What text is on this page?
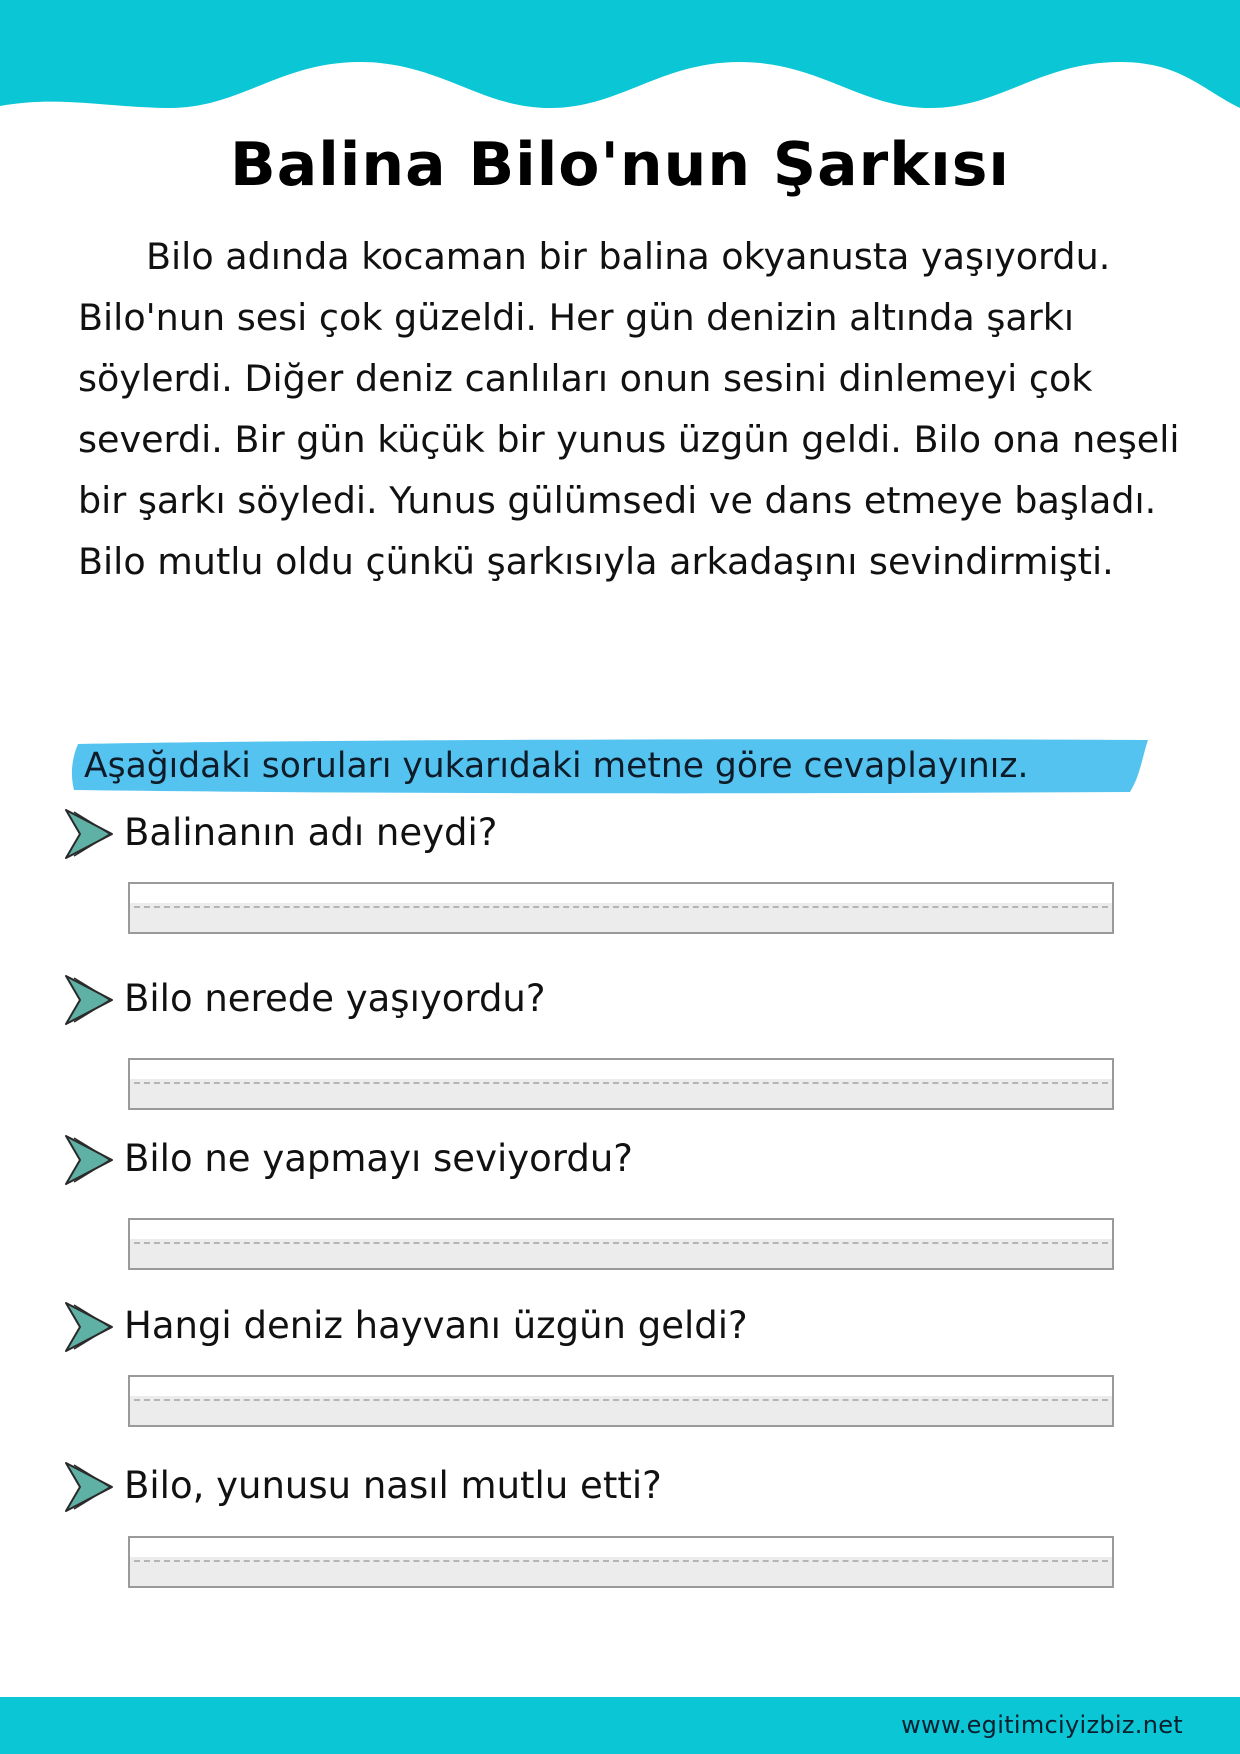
Balina Bilo'nun Şarkısı

Bilo adında kocaman bir balina okyanusta yaşıyordu. Bilo'nun sesi çok güzeldi. Her gün denizin altında şarkı söylerdi. Diğer deniz canlıları onun sesini dinlemeyi çok severdi. Bir gün küçük bir yunus üzgün geldi. Bilo ona neşeli bir şarkı söyledi. Yunus gülümsedi ve dans etmeye başladı. Bilo mutlu oldu çünkü şarkısıyla arkadaşını sevindirmişti.

Aşağıdaki soruları yukarıdaki metne göre cevaplayınız.
Balinanın adı neydi?
Bilo nerede yaşıyordu?
Bilo ne yapmayı seviyordu?
Hangi deniz hayvanı üzgün geldi?
Bilo, yunusu nasıl mutlu etti?
www.egitimciyizbiz.net
